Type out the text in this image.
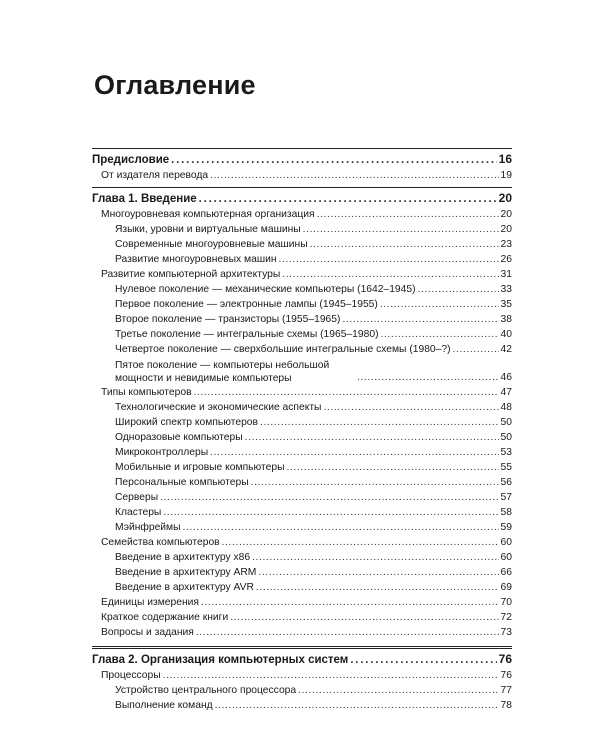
Оглавление
Предисловие .....	16
От издателя перевода .....	19
Глава 1. Введение .....	20
Многоуровневая компьютерная организация .....	20
Языки, уровни и виртуальные машины .....	20
Современные многоуровневые машины .....	23
Развитие многоуровневых машин .....	26
Развитие компьютерной архитектуры .....	31
Нулевое поколение — механические компьютеры (1642–1945) .....	33
Первое поколение — электронные лампы (1945–1955) .....	35
Второе поколение — транзисторы (1955–1965) .....	38
Третье поколение — интегральные схемы (1965–1980) .....	40
Четвертое поколение — сверхбольшие интегральные схемы (1980–?) .....	42
Пятое поколение — компьютеры небольшой мощности и невидимые компьютеры .....	46
Типы компьютеров .....	47
Технологические и экономические аспекты .....	48
Широкий спектр компьютеров .....	50
Одноразовые компьютеры .....	50
Микроконтроллеры .....	53
Мобильные и игровые компьютеры .....	55
Персональные компьютеры .....	56
Серверы .....	57
Кластеры .....	58
Мэйнфреймы .....	59
Семейства компьютеров .....	60
Введение в архитектуру x86 .....	60
Введение в архитектуру ARM .....	66
Введение в архитектуру AVR .....	69
Единицы измерения .....	70
Краткое содержание книги .....	72
Вопросы и задания .....	73
Глава 2. Организация компьютерных систем .....	76
Процессоры .....	76
Устройство центрального процессора .....	77
Выполнение команд .....	78
